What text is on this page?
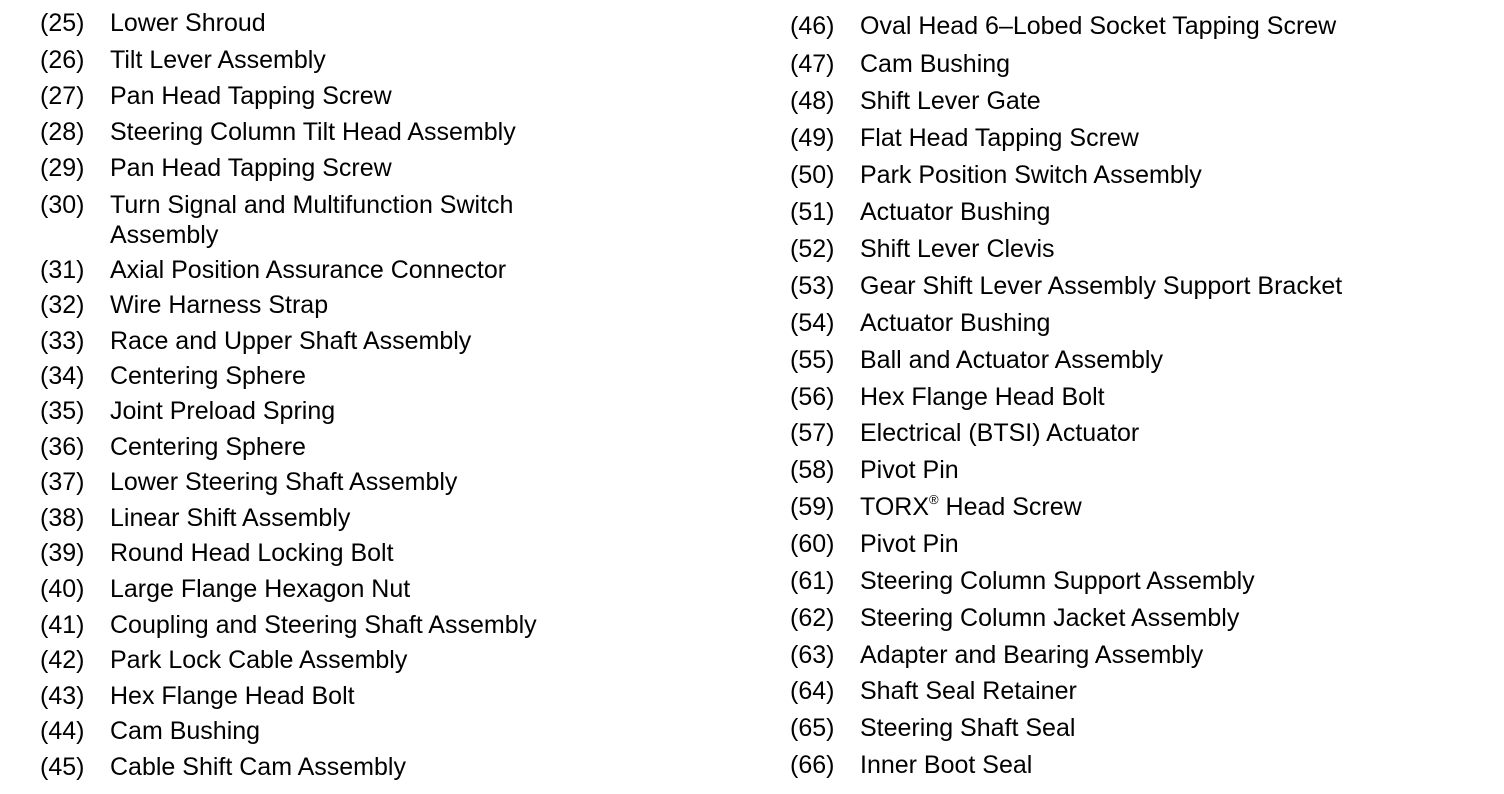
(25)	Lower Shroud
(26)	Tilt Lever Assembly
(27)	Pan Head Tapping Screw
(28)	Steering Column Tilt Head Assembly
(29)	Pan Head Tapping Screw
(30)	Turn Signal and Multifunction Switch Assembly
(31)	Axial Position Assurance Connector
(32)	Wire Harness Strap
(33)	Race and Upper Shaft Assembly
(34)	Centering Sphere
(35)	Joint Preload Spring
(36)	Centering Sphere
(37)	Lower Steering Shaft Assembly
(38)	Linear Shift Assembly
(39)	Round Head Locking Bolt
(40)	Large Flange Hexagon Nut
(41)	Coupling and Steering Shaft Assembly
(42)	Park Lock Cable Assembly
(43)	Hex Flange Head Bolt
(44)	Cam Bushing
(45)	Cable Shift Cam Assembly
(46)	Oval Head 6–Lobed Socket Tapping Screw
(47)	Cam Bushing
(48)	Shift Lever Gate
(49)	Flat Head Tapping Screw
(50)	Park Position Switch Assembly
(51)	Actuator Bushing
(52)	Shift Lever Clevis
(53)	Gear Shift Lever Assembly Support Bracket
(54)	Actuator Bushing
(55)	Ball and Actuator Assembly
(56)	Hex Flange Head Bolt
(57)	Electrical (BTSI) Actuator
(58)	Pivot Pin
(59)	TORX® Head Screw
(60)	Pivot Pin
(61)	Steering Column Support Assembly
(62)	Steering Column Jacket Assembly
(63)	Adapter and Bearing Assembly
(64)	Shaft Seal Retainer
(65)	Steering Shaft Seal
(66)	Inner Boot Seal
